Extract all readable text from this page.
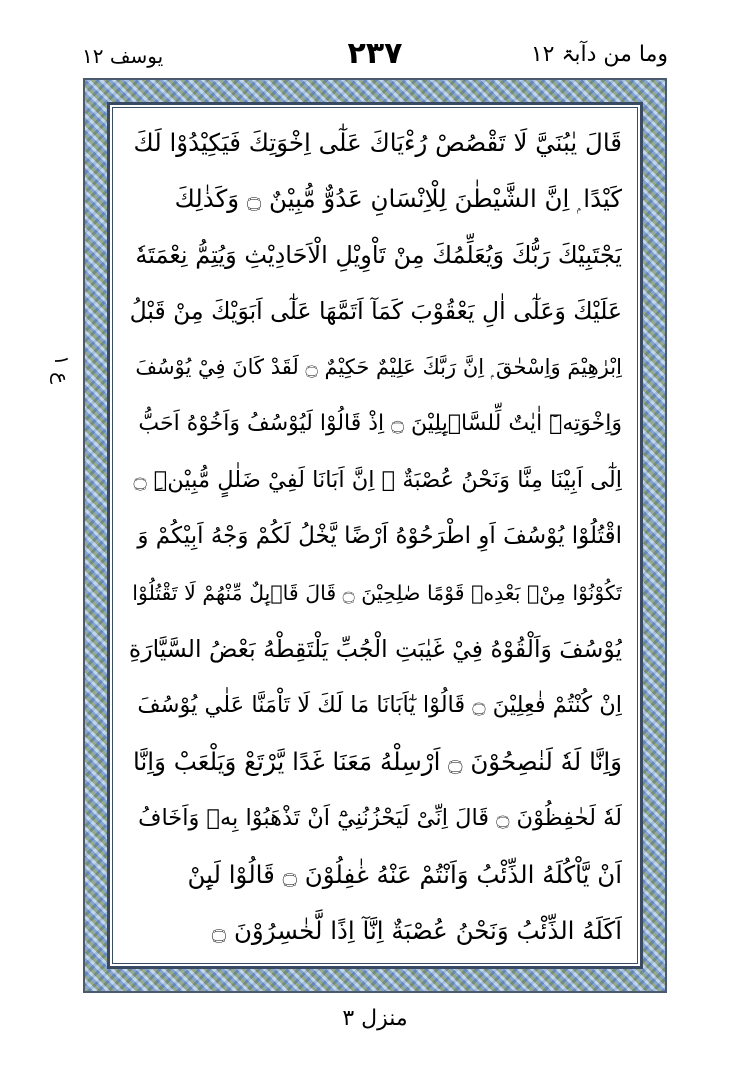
یوسف ۱۲	۲۳۷	وما من دآبۃ ۱۲
ع ۱
قَالَ يٰبُنَيَّ لَا تَقْصُصْ رُءْيَاكَ عَلٰٓى اِخْوَتِكَ فَيَكِيْدُوْا لَكَ
كَيْدًا ۭ اِنَّ الشَّيْطٰنَ لِلْاِنْسَانِ عَدُوٌّ مُّبِيْنٌ ۝ وَكَذٰلِكَ
يَجْتَبِيْكَ رَبُّكَ وَيُعَلِّمُكَ مِنْ تَاْوِيْلِ الْاَحَادِيْثِ وَيُتِمُّ نِعْمَتَهٗ
عَلَيْكَ وَعَلٰٓى اٰلِ يَعْقُوْبَ كَمَآ اَتَمَّهَا عَلٰٓى اَبَوَيْكَ مِنْ قَبْلُ
اِبْرٰهِيْمَ وَاِسْحٰقَ ۭ اِنَّ رَبَّكَ عَلِيْمٌ حَكِيْمٌ ۝ لَقَدْ كَانَ فِيْ يُوْسُفَ
وَاِخْوَتِهٖٓ اٰيٰتٌ لِّلسَّاۗىِٕلِيْنَ ۝ اِذْ قَالُوْا لَيُوْسُفُ وَاَخُوْهُ اَحَبُّ
اِلٰٓى اَبِيْنَا مِنَّا وَنَحْنُ عُصْبَةٌ ۭ اِنَّ اَبَانَا لَفِيْ ضَلٰلٍ مُّبِيْنِۨ ۝
اقْتُلُوْا يُوْسُفَ اَوِ اطْرَحُوْهُ اَرْضًا يَّخْلُ لَكُمْ وَجْهُ اَبِيْكُمْ وَ
تَكُوْنُوْا مِنْۢ بَعْدِهٖ قَوْمًا صٰلِحِيْنَ ۝ قَالَ قَاۗىِٕلٌ مِّنْهُمْ لَا تَقْتُلُوْا
يُوْسُفَ وَاَلْقُوْهُ فِيْ غَيٰبَتِ الْجُبِّ يَلْتَقِطْهُ بَعْضُ السَّيَّارَةِ
اِنْ كُنْتُمْ فٰعِلِيْنَ ۝ قَالُوْا يٰٓاَبَانَا مَا لَكَ لَا تَاْمَنَّا عَلٰي يُوْسُفَ
وَاِنَّا لَهٗ لَنٰصِحُوْنَ ۝ اَرْسِلْهُ مَعَنَا غَدًا يَّرْتَعْ وَيَلْعَبْ وَاِنَّا
لَهٗ لَحٰفِظُوْنَ ۝ قَالَ اِنِّىْ لَيَحْزُنُنِيْٓ اَنْ تَذْهَبُوْا بِهٖ وَاَخَافُ
اَنْ يَّاْكُلَهُ الذِّئْبُ وَاَنْتُمْ عَنْهُ غٰفِلُوْنَ ۝ قَالُوْا لَىِٕنْ
اَكَلَهُ الذِّئْبُ وَنَحْنُ عُصْبَةٌ اِنَّآ اِذًا لَّخٰسِرُوْنَ ۝
منزل ۳
